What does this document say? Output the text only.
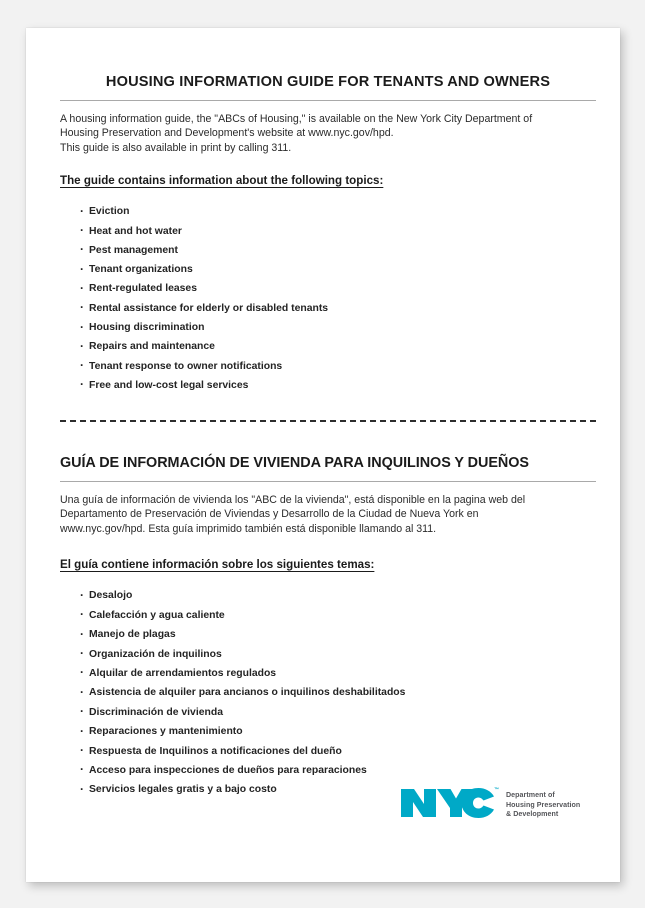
HOUSING INFORMATION GUIDE FOR TENANTS AND OWNERS

A housing information guide, the "ABCs of Housing," is available on the New York City Department of
Housing Preservation and Development's website at www.nyc.gov/hpd.
This guide is also available in print by calling 311.

The guide contains information about the following topics:
· Eviction
· Heat and hot water
· Pest management
· Tenant organizations
· Rent-regulated leases
· Rental assistance for elderly or disabled tenants
· Housing discrimination
· Repairs and maintenance
· Tenant response to owner notifications
· Free and low-cost legal services
GUÍA DE INFORMACIÓN DE VIVIENDA PARA INQUILINOS Y DUEÑOS

Una guía de información de vivienda los "ABC de la vivienda", está disponible en la pagina web del
Departamento de Preservación de Viviendas y Desarrollo de la Ciudad de Nueva York en
www.nyc.gov/hpd. Esta guía imprimido también está disponible llamando al 311.

El guía contiene información sobre los siguientes temas:
· Desalojo
· Calefacción y agua caliente
· Manejo de plagas
· Organización de inquilinos
· Alquilar de arrendamientos regulados
· Asistencia de alquiler para ancianos o inquilinos deshabilitados
· Discriminación de vivienda
· Reparaciones y mantenimiento
· Respuesta de Inquilinos a notificaciones del dueño
· Acceso para inspecciones de dueños para reparaciones
· Servicios legales gratis y a bajo costo	™
Department of
Housing Preservation
& Development
